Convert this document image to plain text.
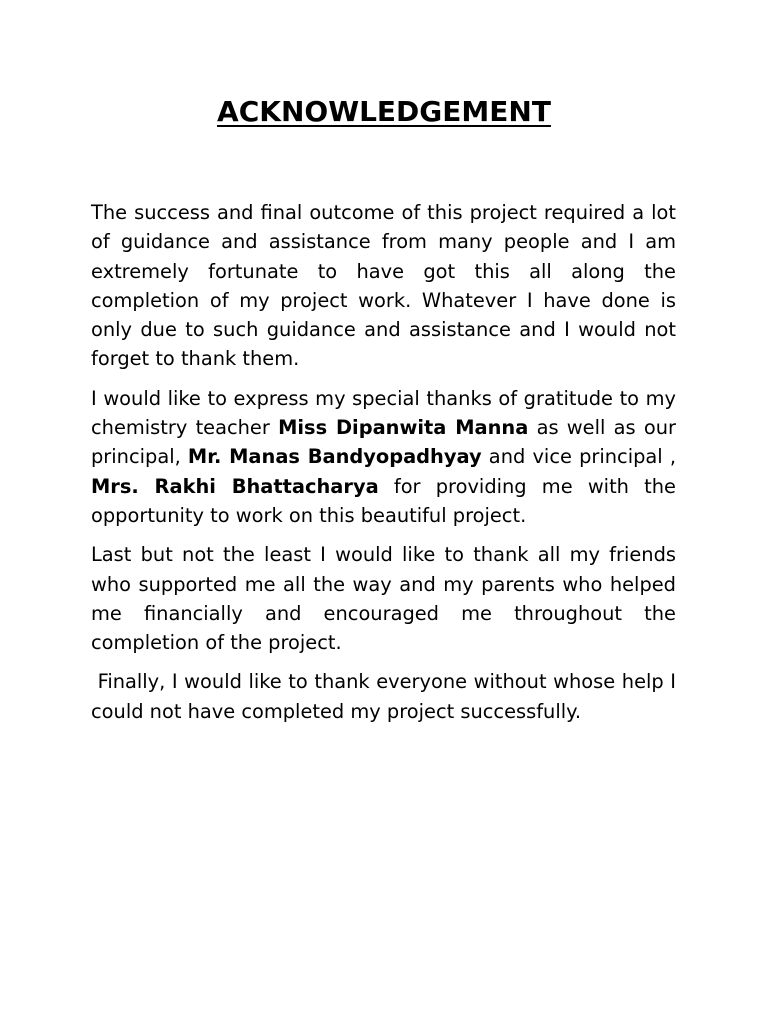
ACKNOWLEDGEMENT

The success and final outcome of this project required a lot of guidance and assistance from many people and I am extremely fortunate to have got this all along the completion of my project work. Whatever I have done is only due to such guidance and assistance and I would not forget to thank them.

I would like to express my special thanks of gratitude to my chemistry teacher Miss Dipanwita Manna as well as our principal, Mr. Manas Bandyopadhyay and vice principal , Mrs. Rakhi Bhattacharya for providing me with the opportunity to work on this beautiful project.

Last but not the least I would like to thank all my friends who supported me all the way and my parents who helped me financially and encouraged me throughout the completion of the project.

Finally, I would like to thank everyone without whose help I could not have completed my project successfully.
